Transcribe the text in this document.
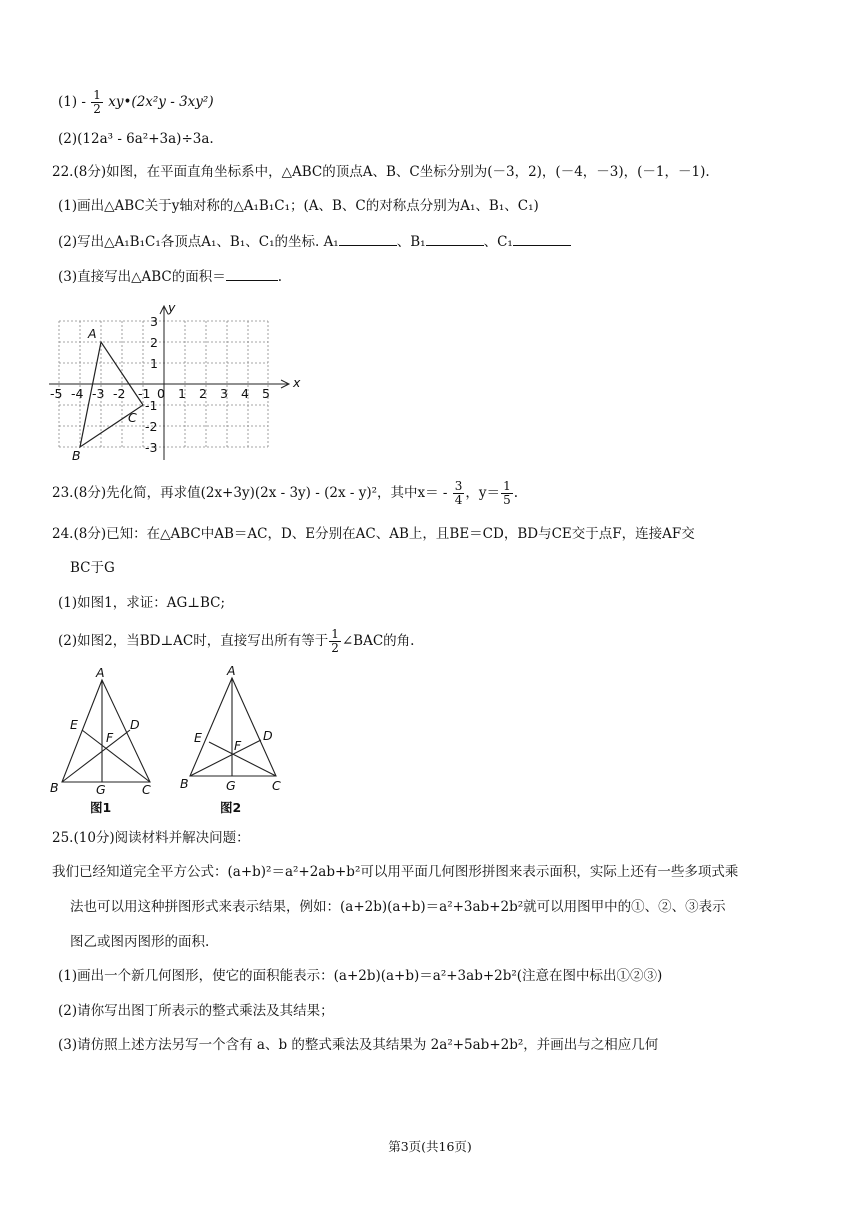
$(1) - \frac{1}{2}$ xy•(2x²y - 3xy²)
(2)(12a³ - 6a²+3a)÷3a.
22.(8分)如图，在平面直角坐标系中，△ABC的顶点A、B、C坐标分别为(－3，2)，(－4，－3)，(－1，－1).
(1)画出△ABC关于y轴对称的△A₁B₁C₁；(A、B、C的对称点分别为A₁、B₁、C₁)
(2)写出△A₁B₁C₁各顶点A₁、B₁、C₁的坐标. A₁	、B₁	、C₁
(3)直接写出△ABC的面积＝	.
x
y
-5 -4 -3 -2 -1 0 1 2 3 4 5
3
2
1
-1
-2
-3
A
B
C
23.(8分)先化简，再求值(2x+3y)(2x - 3y) - (2x - y)²，其中$x= - \frac{3}{4}$ ，$y= \frac{1}{5}$ .
24.(8分)已知：在△ABC中AB＝AC，D、E分别在AC、AB上，且BE＝CD，BD与CE交于点F，连接AF交
BC于G
(1)如图1，求证：AG⊥BC;
(2)如图2，当BD⊥AC时，直接写出所有等于 $\frac{1}{2}$ ∠BAC的角.
A
B	C
D
E
F
G
图1
A
B	C
D
E
F
G
图2
25.(10分)阅读材料并解决问题：
我们已经知道完全平方公式：(a+b)²＝a²+2ab+b²可以用平面几何图形拼图来表示面积，实际上还有一些多项式乘
法也可以用这种拼图形式来表示结果，例如：(a+2b)(a+b)＝a²+3ab+2b²就可以用图甲中的①、②、③表示
图乙或图丙图形的面积.
(1)画出一个新几何图形，使它的面积能表示：(a+2b)(a+b)＝a²+3ab+2b²(注意在图中标出①②③)
(2)请你写出图丁所表示的整式乘法及其结果；
(3)请仿照上述方法另写一个含有 a、b 的整式乘法及其结果为 2a²+5ab+2b²，并画出与之相应几何
第3页(共16页)
